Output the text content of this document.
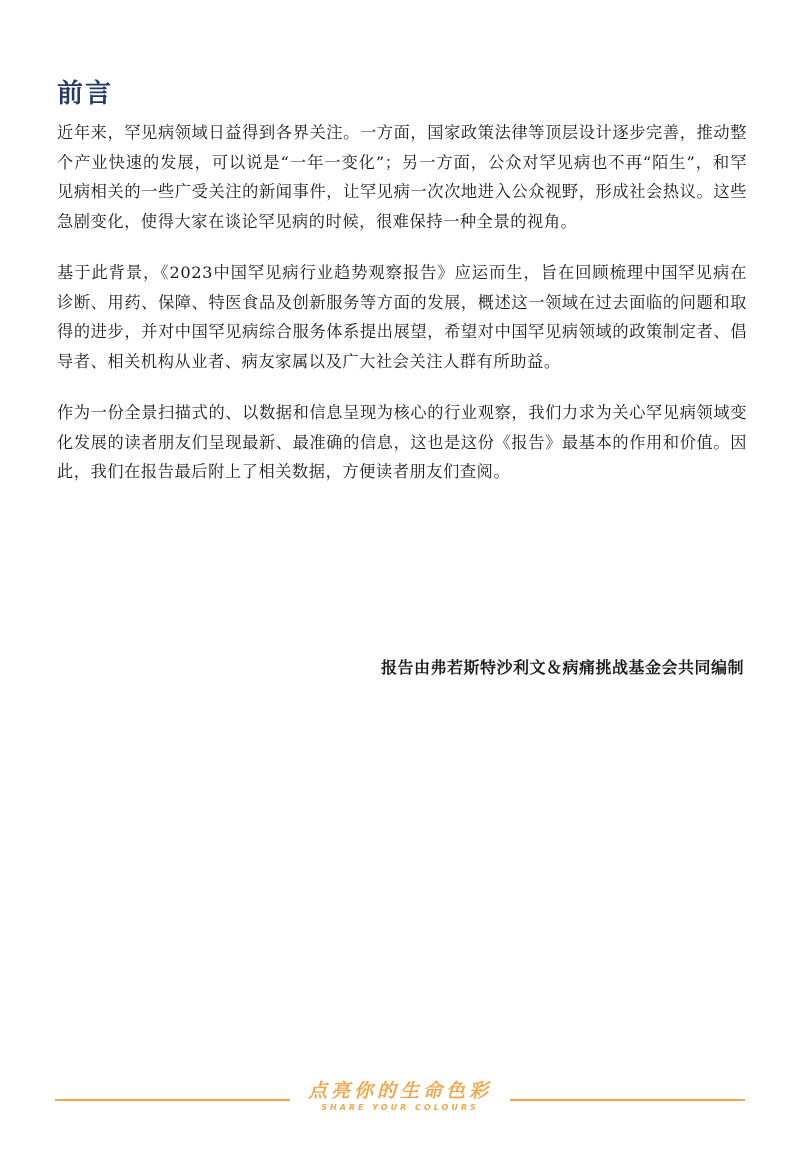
前言

近年来，罕见病领域日益得到各界关注。一方面，国家政策法律等顶层设计逐步完善，推动整个产业快速的发展，可以说是“一年一变化”；另一方面，公众对罕见病也不再“陌生”，和罕见病相关的一些广受关注的新闻事件，让罕见病一次次地进入公众视野，形成社会热议。这些急剧变化，使得大家在谈论罕见病的时候，很难保持一种全景的视角。

基于此背景，《2023中国罕见病行业趋势观察报告》应运而生，旨在回顾梳理中国罕见病在诊断、用药、保障、特医食品及创新服务等方面的发展，概述这一领域在过去面临的问题和取得的进步，并对中国罕见病综合服务体系提出展望，希望对中国罕见病领域的政策制定者、倡导者、相关机构从业者、病友家属以及广大社会关注人群有所助益。

作为一份全景扫描式的、以数据和信息呈现为核心的行业观察，我们力求为关心罕见病领域变化发展的读者朋友们呈现最新、最准确的信息，这也是这份《报告》最基本的作用和价值。因此，我们在报告最后附上了相关数据，方便读者朋友们查阅。

报告由弗若斯特沙利文＆病痛挑战基金会共同编制
点亮你的生命色彩
SHARE YOUR COLOURS
